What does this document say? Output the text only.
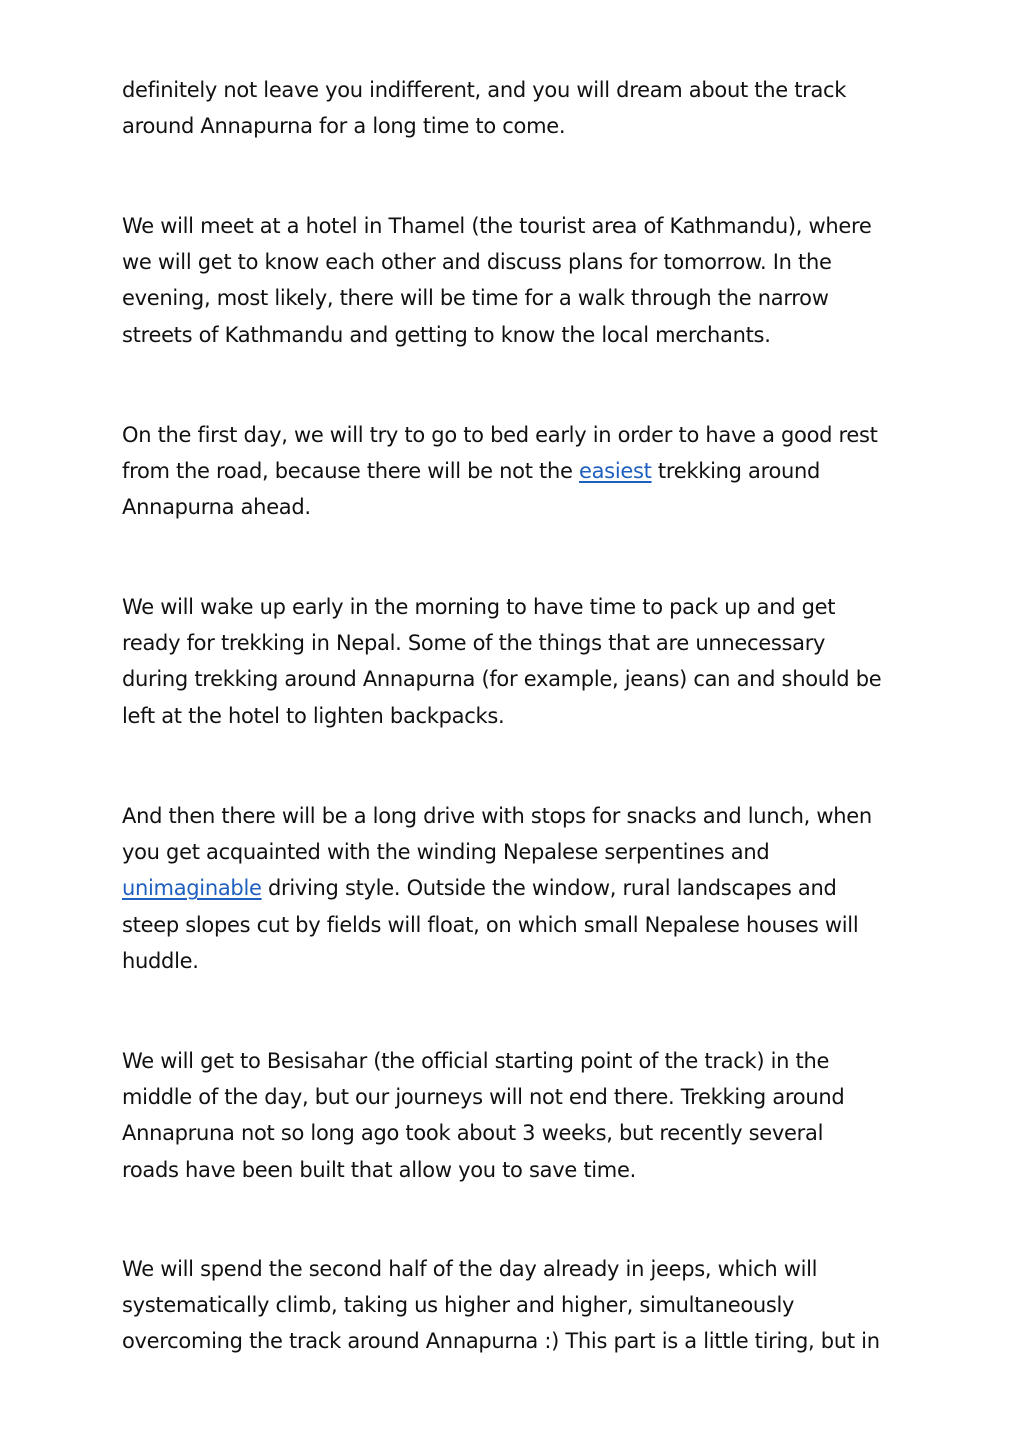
definitely not leave you indifferent, and you will dream about the track
around Annapurna for a long time to come.

We will meet at a hotel in Thamel (the tourist area of Kathmandu), where
we will get to know each other and discuss plans for tomorrow. In the
evening, most likely, there will be time for a walk through the narrow
streets of Kathmandu and getting to know the local merchants.

On the first day, we will try to go to bed early in order to have a good rest
from the road, because there will be not the easiest trekking around
Annapurna ahead.

We will wake up early in the morning to have time to pack up and get
ready for trekking in Nepal. Some of the things that are unnecessary
during trekking around Annapurna (for example, jeans) can and should be
left at the hotel to lighten backpacks.

And then there will be a long drive with stops for snacks and lunch, when
you get acquainted with the winding Nepalese serpentines and
unimaginable driving style. Outside the window, rural landscapes and
steep slopes cut by fields will float, on which small Nepalese houses will
huddle.

We will get to Besisahar (the official starting point of the track) in the
middle of the day, but our journeys will not end there. Trekking around
Annapruna not so long ago took about 3 weeks, but recently several
roads have been built that allow you to save time.

We will spend the second half of the day already in jeeps, which will
systematically climb, taking us higher and higher, simultaneously
overcoming the track around Annapurna :) This part is a little tiring, but in
